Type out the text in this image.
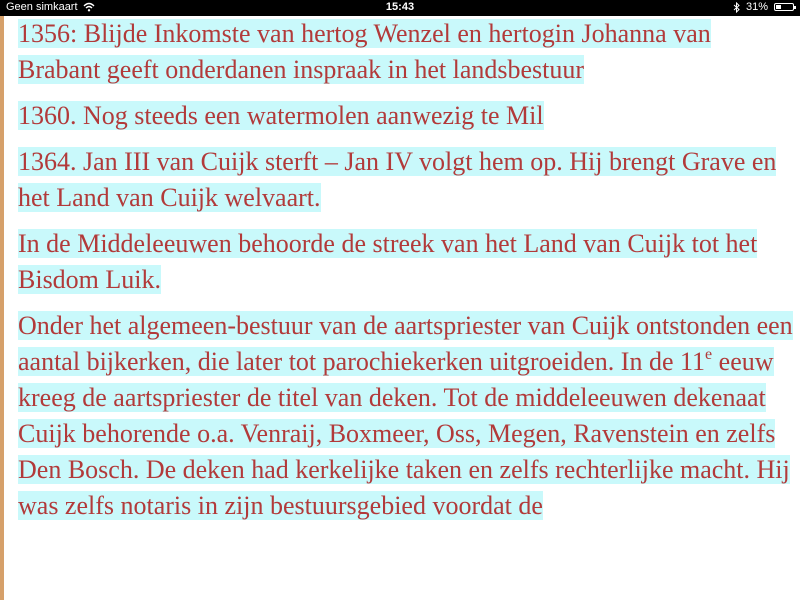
Geen simkaart	15:43	31%

1356: Blijde Inkomste van hertog Wenzel en hertogin Johanna van Brabant geeft onderdanen inspraak in het landsbestuur

1360. Nog steeds een watermolen aanwezig te Mil

1364. Jan III van Cuijk sterft – Jan IV volgt hem op. Hij brengt Grave en het Land van Cuijk welvaart.

In de Middeleeuwen behoorde de streek van het Land van Cuijk tot het Bisdom Luik.

Onder het algemeen-bestuur van de aartspriester van Cuijk ontstonden een aantal bijkerken, die later tot parochiekerken uitgroeiden. In de 11e eeuw kreeg de aartspriester de titel van deken. Tot de middeleeuwen dekenaat Cuijk behorende o.a. Venraij, Boxmeer, Oss, Megen, Ravenstein en zelfs Den Bosch. De deken had kerkelijke taken en zelfs rechterlijke macht. Hij was zelfs notaris in zijn bestuursgebied voordat de
